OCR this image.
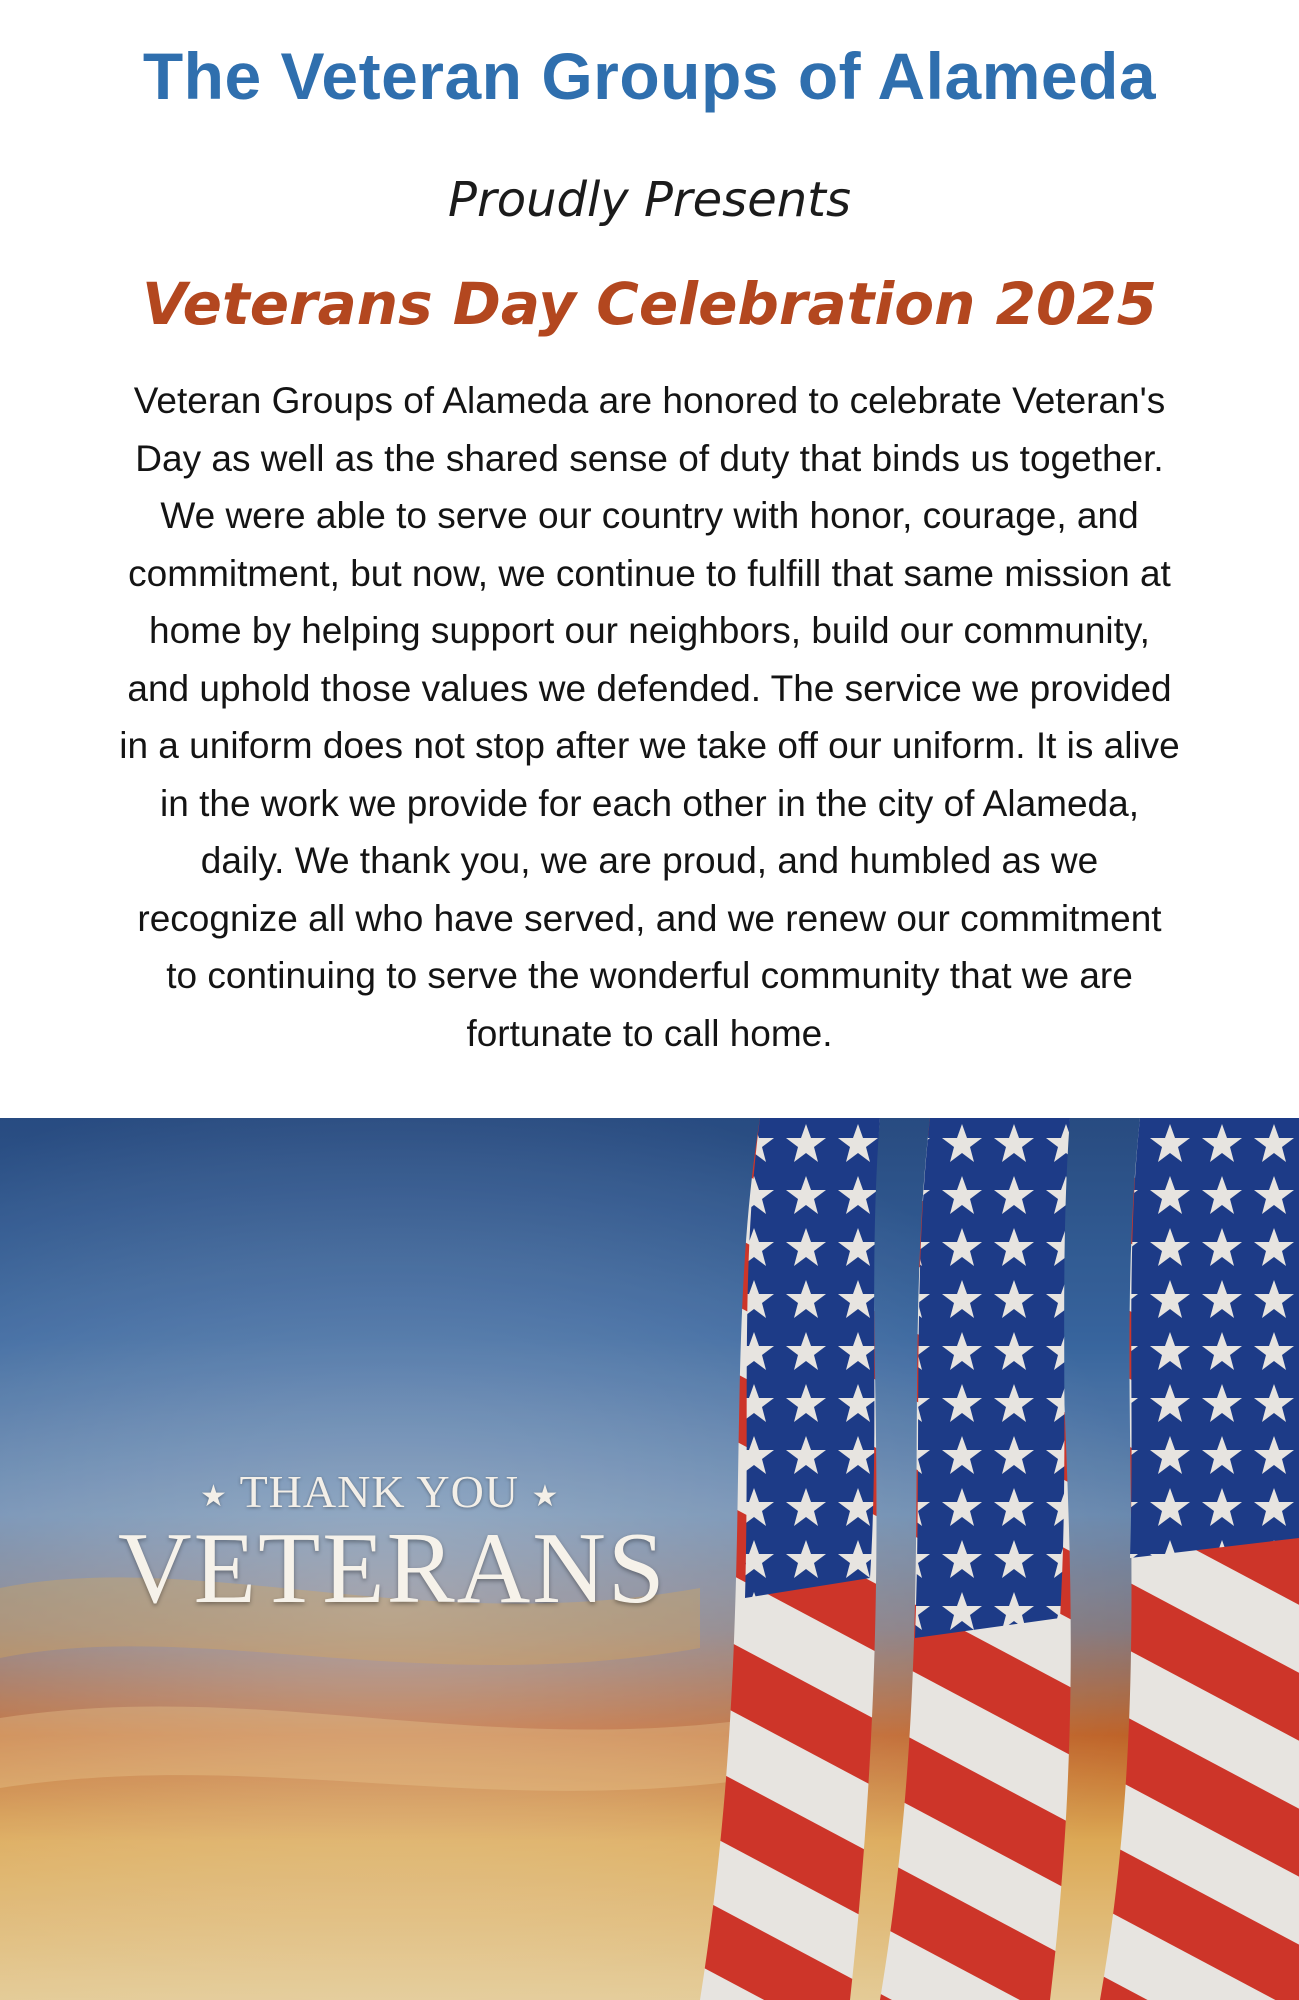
The Veteran Groups of Alameda

Proudly Presents

Veterans Day Celebration 2025
Veteran Groups of Alameda are honored to celebrate Veteran's
Day as well as the shared sense of duty that binds us together.
We were able to serve our country with honor, courage, and
commitment, but now, we continue to fulfill that same mission at
home by helping support our neighbors, build our community,
and uphold those values we defended. The service we provided
in a uniform does not stop after we take off our uniform. It is alive
in the work we provide for each other in the city of Alameda,
daily. We thank you, we are proud, and humbled as we
recognize all who have served, and we renew our commitment
to continuing to serve the wonderful community that we are
fortunate to call home.

★ THANK YOU ★

VETERANS
